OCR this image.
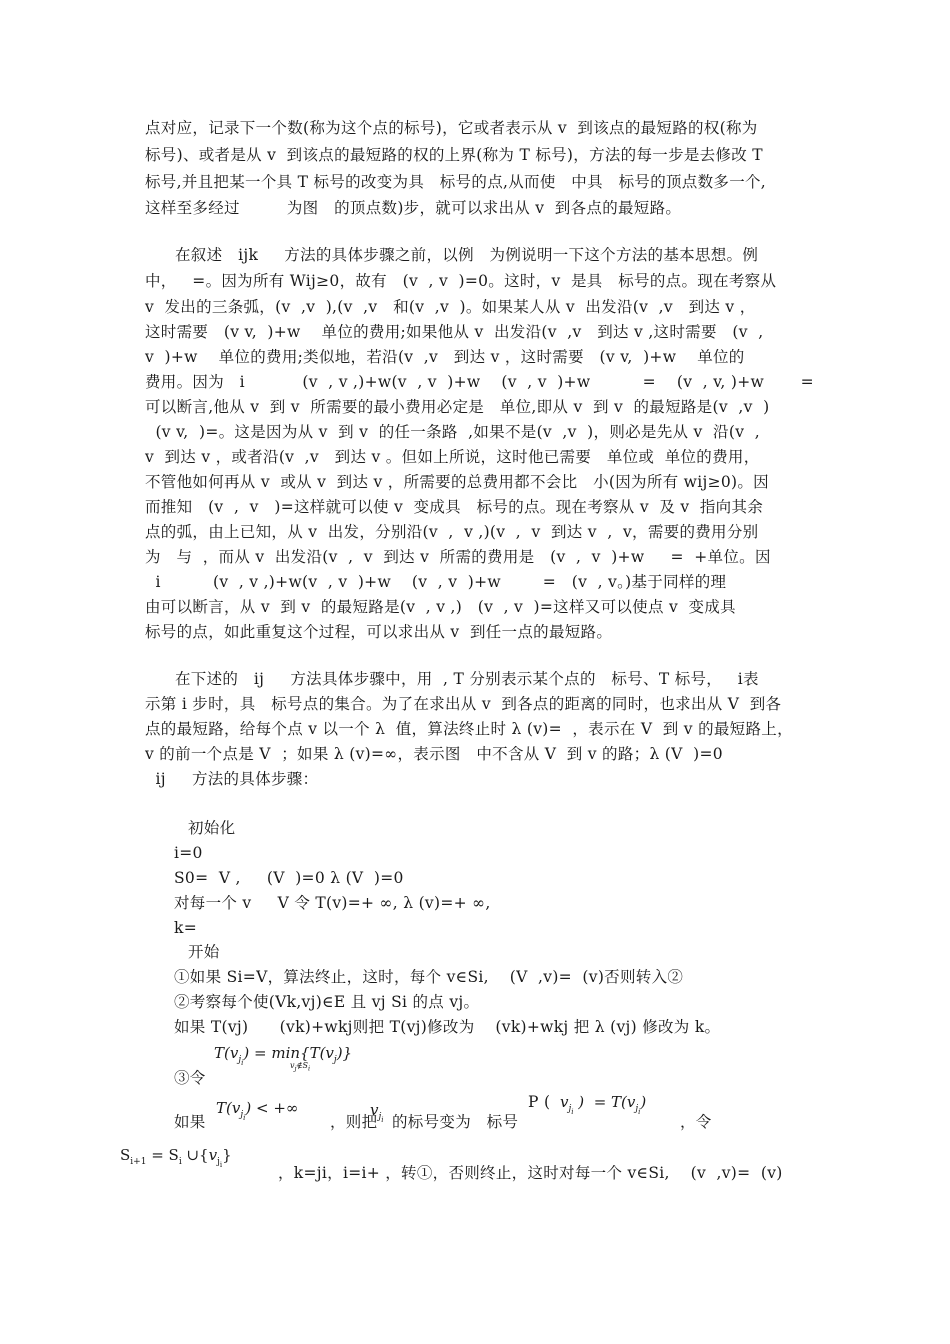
点对应，记录下一个数(称为这个点的标号)，它或者表示从 v  到该点的最短路的权(称为
标号)、或者是从 v  到该点的最短路的权的上界(称为 T 标号)，方法的每一步是去修改 T
标号,并且把某一个具 T 标号的改变为具   标号的点,从而使   中具   标号的顶点数多一个,
这样至多经过         为图   的顶点数)步，就可以求出从 v  到各点的最短路。
在叙述   ijk     方法的具体步骤之前，以例   为例说明一下这个方法的基本思想。例
中，   =。因为所有 Wij≥0，故有   (v  , v  )=0。这时，v  是具   标号的点。现在考察从
v  发出的三条弧，(v  ,v  ),(v  ,v   和(v  ,v  )。如果某人从 v  出发沿(v  ,v   到达 v ，
这时需要   (v v,  )+w    单位的费用;如果他从 v  出发沿(v  ,v   到达 v ,这时需要   (v  ,
v  )+w    单位的费用;类似地，若沿(v  ,v   到达 v ，这时需要   (v v,  )+w    单位的
费用。因为   i           (v  , v ,)+w(v  , v  )+w    (v  , v  )+w          =    (v  , v, )+w       =
可以断言,他从 v  到 v  所需要的最小费用必定是   单位,即从 v  到 v  的最短路是(v  ,v  )
(v v,  )=。这是因为从 v  到 v  的任一条路  ,如果不是(v  ,v  )，则必是先从 v  沿(v  ,
v  到达 v ，或者沿(v  ,v   到达 v 。但如上所说，这时他已需要   单位或  单位的费用，
不管他如何再从 v  或从 v  到达 v ，所需要的总费用都不会比   小(因为所有 wij≥0)。因
而推知   (v  ,  v   )=这样就可以使 v  变成具   标号的点。现在考察从 v  及 v  指向其余
点的弧，由上已知，从 v  出发，分别沿(v  ,  v ,)(v  ,  v  到达 v  ,  v，需要的费用分别
为   与  ，而从 v  出发沿(v  ,  v  到达 v  所需的费用是   (v  ,  v  )+w     =  +单位。因
i          (v  , v ,)+w(v  , v  )+w    (v  , v  )+w        =   (v  , v。)基于同样的理
由可以断言，从 v  到 v  的最短路是(v  , v ,)   (v  , v  )=这样又可以使点 v  变成具
标号的点，如此重复这个过程，可以求出从 v  到任一点的最短路。
在下述的   ij     方法具体步骤中，用  , T 分别表示某个点的   标号、T 标号，   i表
示第 i 步时，具   标号点的集合。为了在求出从 v  到各点的距离的同时，也求出从 V  到各
点的最短路，给每个点 v 以一个 λ  值，算法终止时 λ (v)=  ，表示在 V  到 v 的最短路上，
v 的前一个点是 V  ；如果 λ (v)=∞，表示图   中不含从 V  到 v 的路；λ (V  )=0
ij     方法的具体步骤：
初始化
i=0
S0=  V ,     (V  )=0 λ (V  )=0
对每一个 v     V 令 T(v)=+ ∞, λ (v)=+ ∞,
k=
开始
①如果 Si=V，算法终止，这时，每个 v∈Si,    (V  ,v)=  (v)否则转入②
②考察每个使(Vk,vj)∈E 且 vj Si 的点 vj。
如果 T(vj)      (vk)+wkj则把 T(vj)修改为    (vk)+wkj 把 λ (vj) 修改为 k。
$T(v_{j_i}) = \min\{T(v_j)\}$
$v_j\notin S_i$
③令
$T(v_{j_i})$ < +∞
如果	，则把
$v_{j_i}$ 的标号变为   标号
P ( $v_{j_i}$ )  = $T(v_{j_i})$
，令
$S_{i+1} = S_i$ $\cup\{v_{j_i}\}$
，k=ji，i=i+ ，转①，否则终止，这时对每一个 v∈Si,    (v  ,v)=  (v)
